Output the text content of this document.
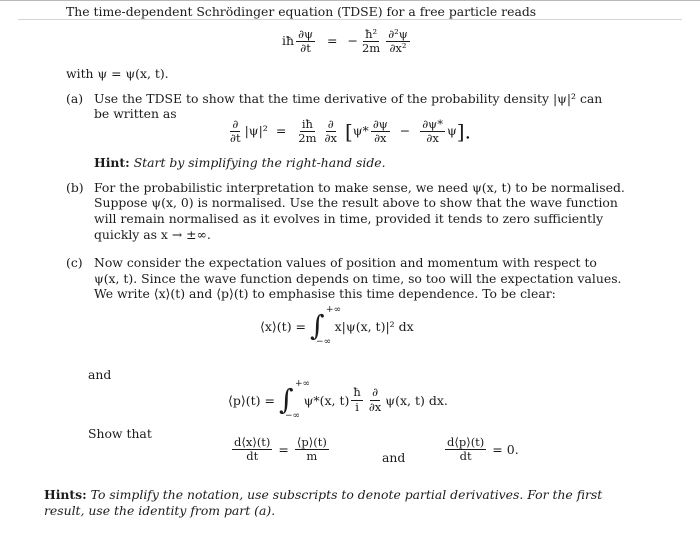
The time-dependent Schrödinger equation (TDSE) for a free particle reads
iħ $\frac{\partial\psi}{\partial t}$ = − $\frac{\text{ħ²}}{2m} \frac{\text{∂²ψ}}{\text{∂x²}}$
with ψ = ψ(x, t).
(a) Use the TDSE to show that the time derivative of the probability density |ψ|² can
be written as
$\frac{\partial}{\partial t} |\psi|^2 = \frac{iħ}{2m} \frac{\partial}{\partial x} [\psi* \frac{\partial\psi}{\partial x} - \frac{\partial\psi*}{\partial x} \psi]$.
Hint: Start by simplifying the right-hand side.
(b) For the probabilistic interpretation to make sense, we need ψ(x, t) to be normalised.
Suppose ψ(x, 0) is normalised. Use the result above to show that the wave function
will remain normalised as it evolves in time, provided it tends to zero sufficiently
quickly as x → ±∞.
(c) Now consider the expectation values of position and momentum with respect to
ψ(x, t). Since the wave function depends on time, so too will the expectation values.
We write ⟨x⟩(t) and ⟨p⟩(t) to emphasise this time dependence. To be clear:
⟨x⟩(t) = ∫ +∞
−∞
x|ψ(x, t)|² dx
and
⟨p⟩(t) = ∫ +∞
−∞
ψ*(x, $t) \frac{ħ}{i} \frac{\partial}{\partial x} \psi(x$, t) dx.
Show that
$\frac{d⟨x⟩(t)}{dt} = \frac{⟨p⟩(t)}{m}$	and	$\frac{d⟨p⟩(t)}{dt} = 0$.
Hints: To simplify the notation, use subscripts to denote partial derivatives. For the first
result, use the identity from part (a).
